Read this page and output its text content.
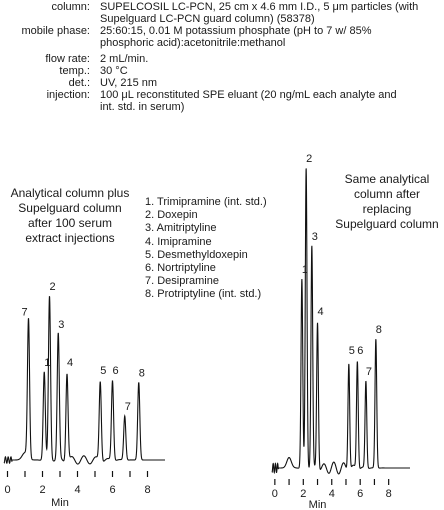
column: SUPELCOSIL LC-PCN, 25 cm x 4.6 mm I.D., 5 μm particles (with
Supelguard LC-PCN guard column) (58378)
mobile phase: 25:60:15, 0.01 M potassium phosphate (pH to 7 w/ 85%
phosphoric acid):acetonitrile:methanol
flow rate: 2 mL/min.
temp.: 30 °C
det.: UV, 215 nm
injection: 100 μL reconstituted SPE eluant (20 ng/mL each analyte and
int. std. in serum)
Analytical column plus
Supelguard column
after 100 serum
extract injections
Same analytical
column after
replacing
Supelguard column
1. Trimipramine (int. std.)
2. Doxepin
3. Amitriptyline
4. Imipramine
5. Desmethyldoxepin
6. Nortriptyline
7. Desipramine
8. Protriptyline (int. std.)
7
1
2
3
4
5 6
7
8
0	2	4	6	8
Min
1
2
3
4
5 6
7
8
0 2 4 6 8
Min
